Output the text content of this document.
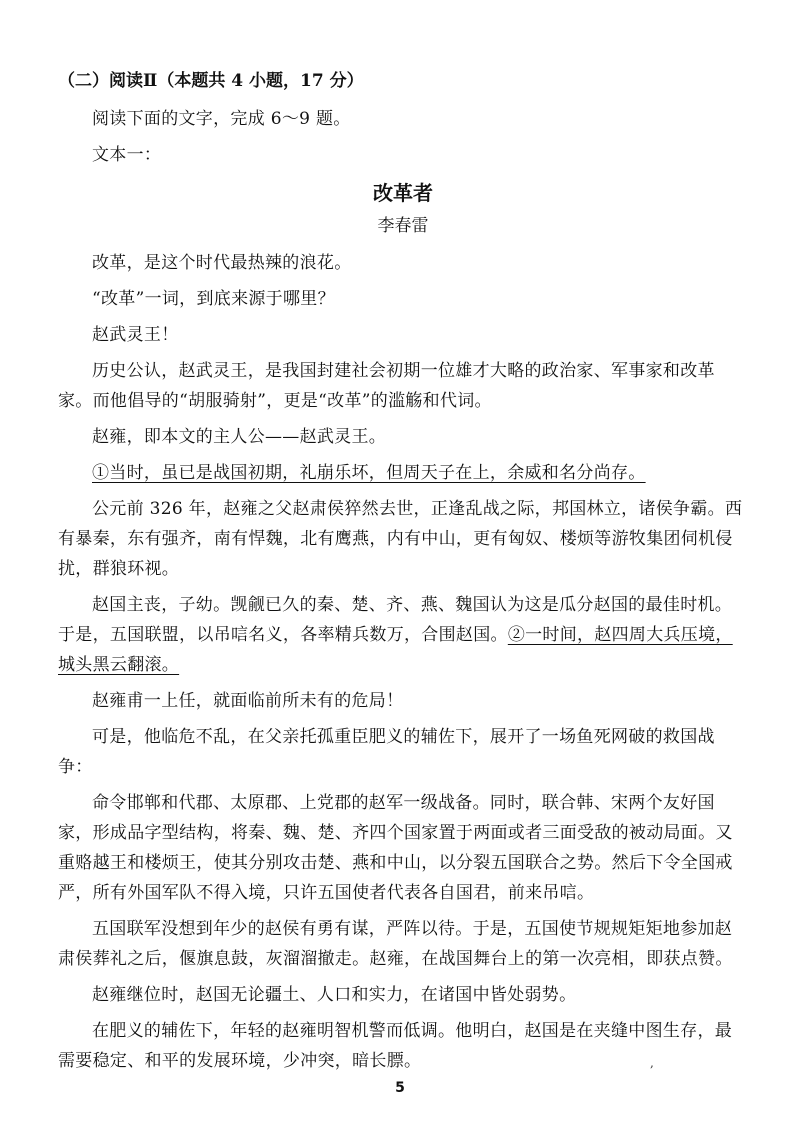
（二）阅读Ⅱ（本题共 4 小题，17 分）

阅读下面的文字，完成 6～9 题。

文本一：

改革者
李春雷

改革，是这个时代最热辣的浪花。

“改革”一词，到底来源于哪里？

赵武灵王！

历史公认，赵武灵王，是我国封建社会初期一位雄才大略的政治家、军事家和改革家。而他倡导的“胡服骑射”，更是“改革”的滥觞和代词。

赵雍，即本文的主人公——赵武灵王。

①当时，虽已是战国初期，礼崩乐坏，但周天子在上，余威和名分尚存。

公元前 326 年，赵雍之父赵肃侯猝然去世，正逢乱战之际，邦国林立，诸侯争霸。西有暴秦，东有强齐，南有悍魏，北有鹰燕，内有中山，更有匈奴、楼烦等游牧集团伺机侵扰，群狼环视。

赵国主丧，子幼。觊觎已久的秦、楚、齐、燕、魏国认为这是瓜分赵国的最佳时机。于是，五国联盟，以吊唁名义，各率精兵数万，合围赵国。②一时间，赵四周大兵压境，城头黑云翻滚。

赵雍甫一上任，就面临前所未有的危局！

可是，他临危不乱，在父亲托孤重臣肥义的辅佐下，展开了一场鱼死网破的救国战争：

命令邯郸和代郡、太原郡、上党郡的赵军一级战备。同时，联合韩、宋两个友好国家，形成品字型结构，将秦、魏、楚、齐四个国家置于两面或者三面受敌的被动局面。又重赂越王和楼烦王，使其分别攻击楚、燕和中山，以分裂五国联合之势。然后下令全国戒严，所有外国军队不得入境，只许五国使者代表各自国君，前来吊唁。

五国联军没想到年少的赵侯有勇有谋，严阵以待。于是，五国使节规规矩矩地参加赵肃侯葬礼之后，偃旗息鼓，灰溜溜撤走。赵雍，在战国舞台上的第一次亮相，即获点赞。

赵雍继位时，赵国无论疆土、人口和实力，在诸国中皆处弱势。

在肥义的辅佐下，年轻的赵雍明智机警而低调。他明白，赵国是在夹缝中图生存，最需要稳定、和平的发展环境，少冲突，暗长膘。	,
5
